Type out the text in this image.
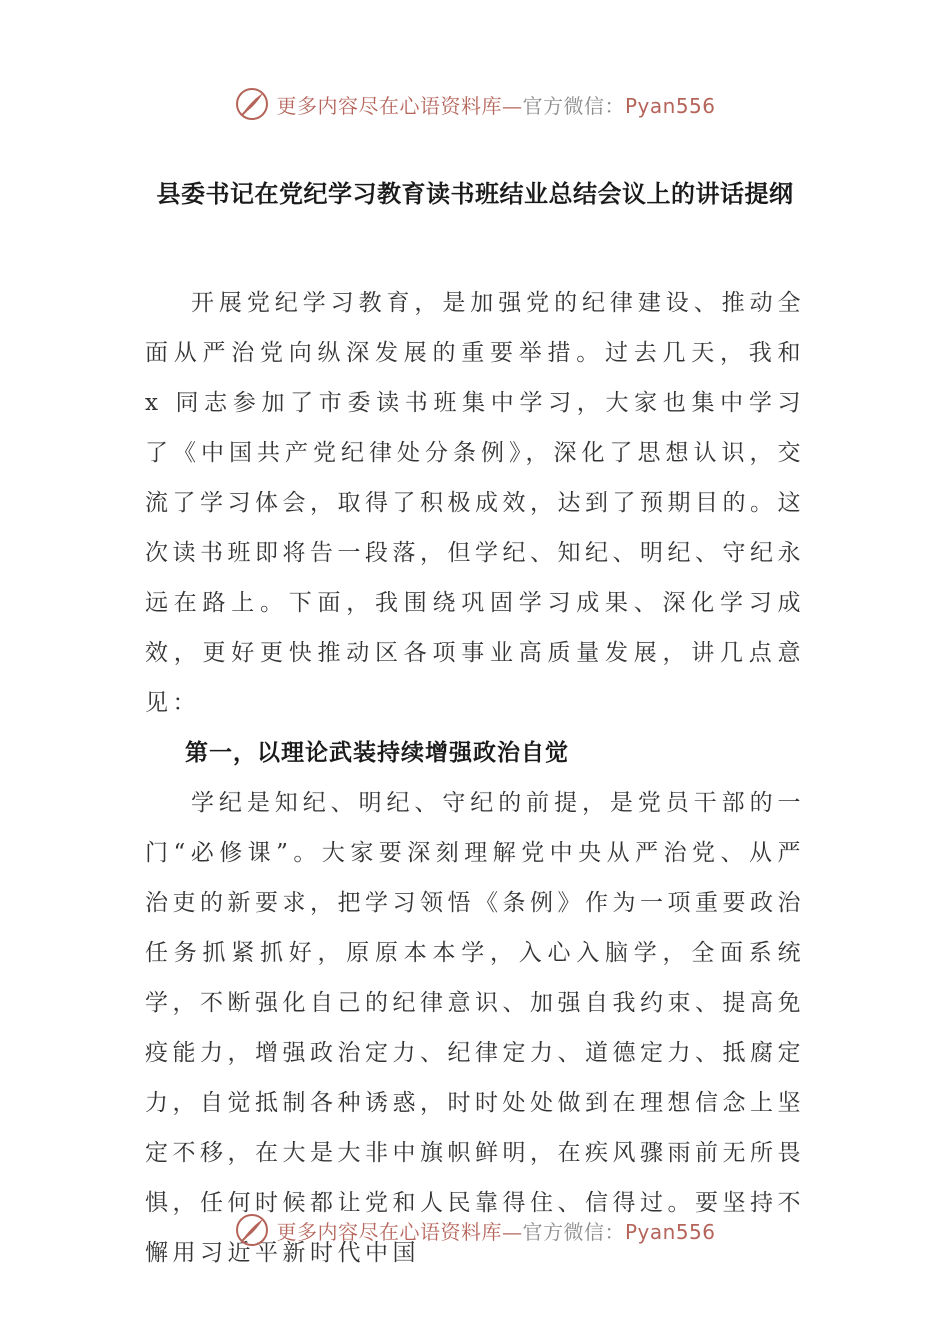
更多内容尽在心语资料库—官方微信：Pyan556
县委书记在党纪学习教育读书班结业总结会议上的讲话提纲

开展党纪学习教育，是加强党的纪律建设、推动全面从严治党向纵深发展的重要举措。过去几天，我和 x 同志参加了市委读书班集中学习，大家也集中学习了《中国共产党纪律处分条例》，深化了思想认识，交流了学习体会，取得了积极成效，达到了预期目的。这次读书班即将告一段落，但学纪、知纪、明纪、守纪永远在路上。下面，我围绕巩固学习成果、深化学习成效，更好更快推动区各项事业高质量发展，讲几点意见：

第一，以理论武装持续增强政治自觉

学纪是知纪、明纪、守纪的前提，是党员干部的一门“必修课”。大家要深刻理解党中央从严治党、从严治吏的新要求，把学习领悟《条例》作为一项重要政治任务抓紧抓好，原原本本学，入心入脑学，全面系统学，不断强化自己的纪律意识、加强自我约束、提高免疫能力，增强政治定力、纪律定力、道德定力、抵腐定力，自觉抵制各种诱惑，时时处处做到在理想信念上坚定不移，在大是大非中旗帜鲜明，在疾风骤雨前无所畏惧，任何时候都让党和人民靠得住、信得过。要坚持不懈用习近平新时代中国

更多内容尽在心语资料库—官方微信：Pyan556
